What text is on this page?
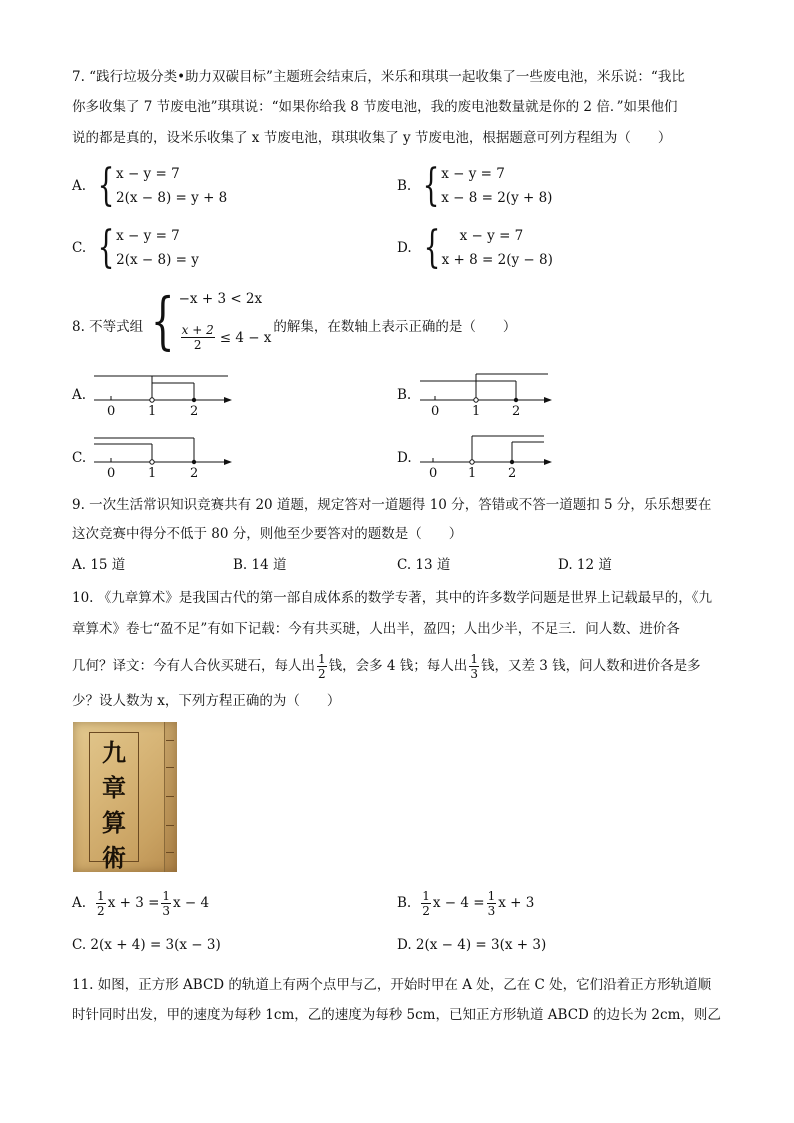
7. “践行垃圾分类•助力双碳目标”主题班会结束后，米乐和琪琪一起收集了一些废电池，米乐说：“我比
你多收集了 7 节废电池”琪琪说：“如果你给我 8 节废电池，我的废电池数量就是你的 2 倍．”如果他们
说的都是真的，设米乐收集了 x 节废电池，琪琪收集了 y 节废电池，根据题意可列方程组为（　　）
A. { x − y = 7
2(x − 8) = y + 8
B. { x − y = 7
x − 8 = 2(y + 8)
C. { x − y = 7
2(x − 8) = y
D. {	x − y = 7
x + 8 = 2(y − 8)
8. 不等式组 { −x + 3 < 2x
$\frac{x + 2}{2} \le 4 - x$
的解集，在数轴上表示正确的是（　　）
A.
0	1	2
B.
0	1 2
C.
0	1	2
D.
0 1 2
9. 一次生活常识知识竞赛共有 20 道题，规定答对一道题得 10 分，答错或不答一道题扣 5 分，乐乐想要在
这次竞赛中得分不低于 80 分，则他至少要答对的题数是（　　）
A. 15 道	B. 14 道	C. 13 道	D. 12 道
10. 《九章算术》是我国古代的第一部自成体系的数学专著，其中的许多数学问题是世界上记载最早的，《九
章算术》卷七“盈不足”有如下记载：今有共买琎，人出半，盈四；人出少半，不足三．问人数、进价各
几何？译文：今有人合伙买琎石，每人出 $\frac{1}{2}$ 钱，会多 4 钱；每人出 $\frac{1}{3}$ 钱，又差 3 钱，问人数和进价各是多
少？设人数为 x，下列方程正确的为（　　）
九
章
算
術
A. $\frac{1}{2}$ $x + 3 = \frac{1}{3}$ x − 4	B. $\frac{1}{2}$ $x - 4 = \frac{1}{3}$ x + 3
C. 2(x + 4) = 3(x − 3)	D. 2(x − 4) = 3(x + 3)
11. 如图，正方形 ABCD 的轨道上有两个点甲与乙，开始时甲在 A 处，乙在 C 处，它们沿着正方形轨道顺
时针同时出发，甲的速度为每秒 1cm，乙的速度为每秒 5cm，已知正方形轨道 ABCD 的边长为 2cm，则乙
